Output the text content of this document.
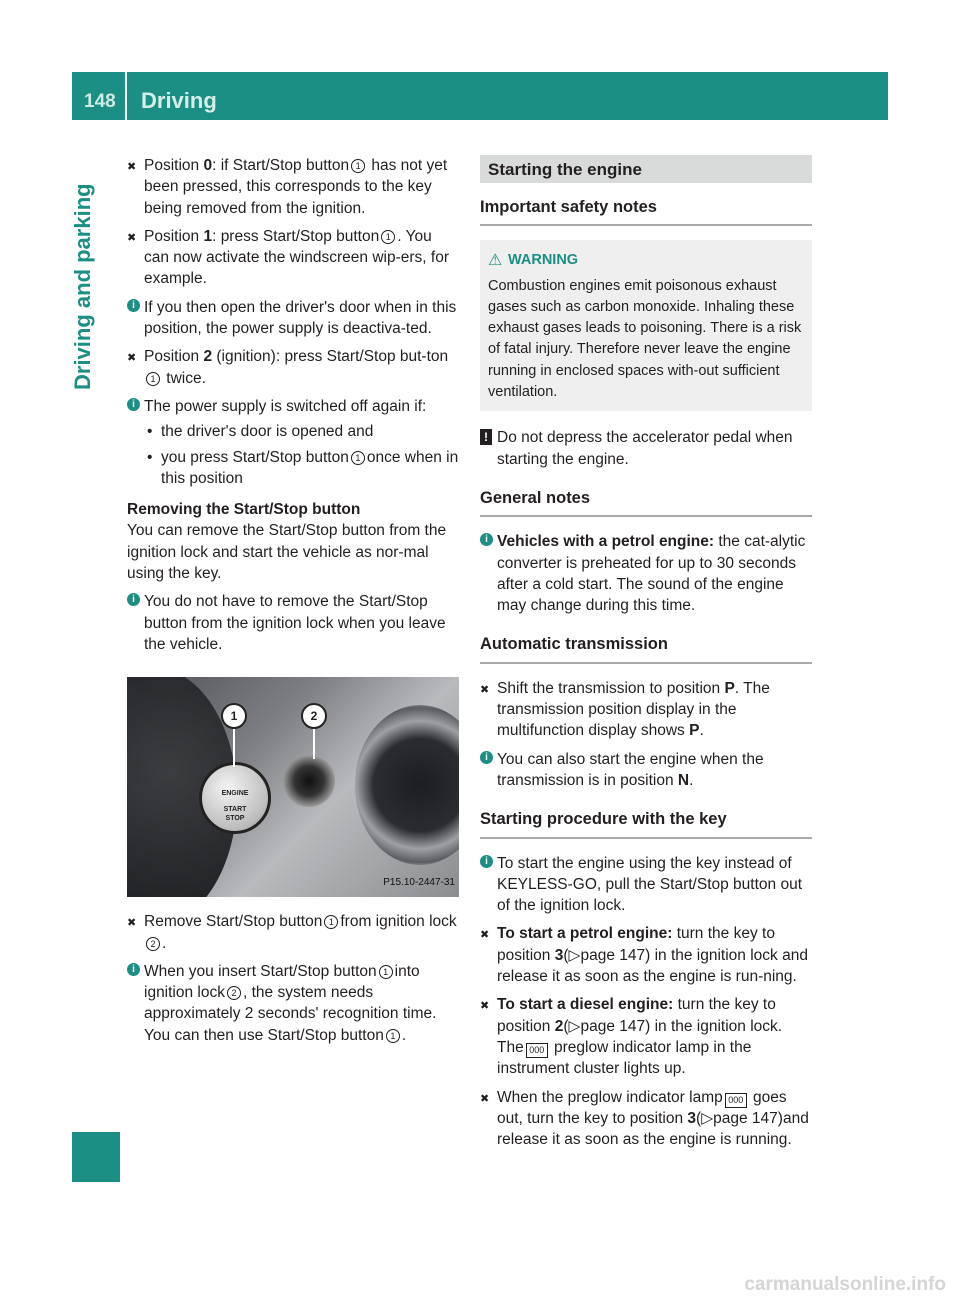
148 Driving
Driving and parking

✖ Position 0: if Start/Stop button 1 has not yet been pressed, this corresponds to the key being removed from the ignition.

✖ Position 1: press Start/Stop button 1 . You can now activate the windscreen wip-ers, for example.

i If you then open the driver's door when in this position, the power supply is deactiva-ted.

✖ Position 2 (ignition): press Start/Stop but-ton1 twice.

i The power supply is switched off again if:

• the driver's door is opened and

• you press Start/Stop button 1 once when in this position

Removing the Start/Stop button

You can remove the Start/Stop button from the ignition lock and start the vehicle as nor-mal using the key.

i You do not have to remove the Start/Stop button from the ignition lock when you leave the vehicle.

ENGINE
START
STOP
1	2
P15.10-2447-31

✖ Remove Start/Stop button 1 from ignition lock2 .

i When you insert Start/Stop button 1 into ignition lock 2 , the system needs approximately 2 seconds' recognition time. You can then use Start/Stop button 1 .

Starting the engine
Important safety notes
⚠ WARNING

Combustion engines emit poisonous exhaust gases such as carbon monoxide. Inhaling these exhaust gases leads to poisoning. There is a risk of fatal injury. Therefore never leave the engine running in enclosed spaces with-out sufficient ventilation.

! Do not depress the accelerator pedal when starting the engine.

General notes

i Vehicles with a petrol engine: the cat-alytic converter is preheated for up to 30 seconds after a cold start. The sound of the engine may change during this time.

Automatic transmission

✖ Shift the transmission to position P. The transmission position display in the multifunction display shows P.

i You can also start the engine when the transmission is in position N.

Starting procedure with the key

i To start the engine using the key instead of KEYLESS-GO, pull the Start/Stop button out of the ignition lock.

✖ To start a petrol engine: turn the key to position 3(▷page 147) in the ignition lock and release it as soon as the engine is run-ning.

✖ To start a diesel engine: turn the key to position 2(▷page 147) in the ignition lock. The 000 preglow indicator lamp in the instrument cluster lights up.

✖ When the preglow indicator lamp 000 goes out, turn the key to position 3(▷page 147)and release it as soon as the engine is running.

carmanualsonline.info
